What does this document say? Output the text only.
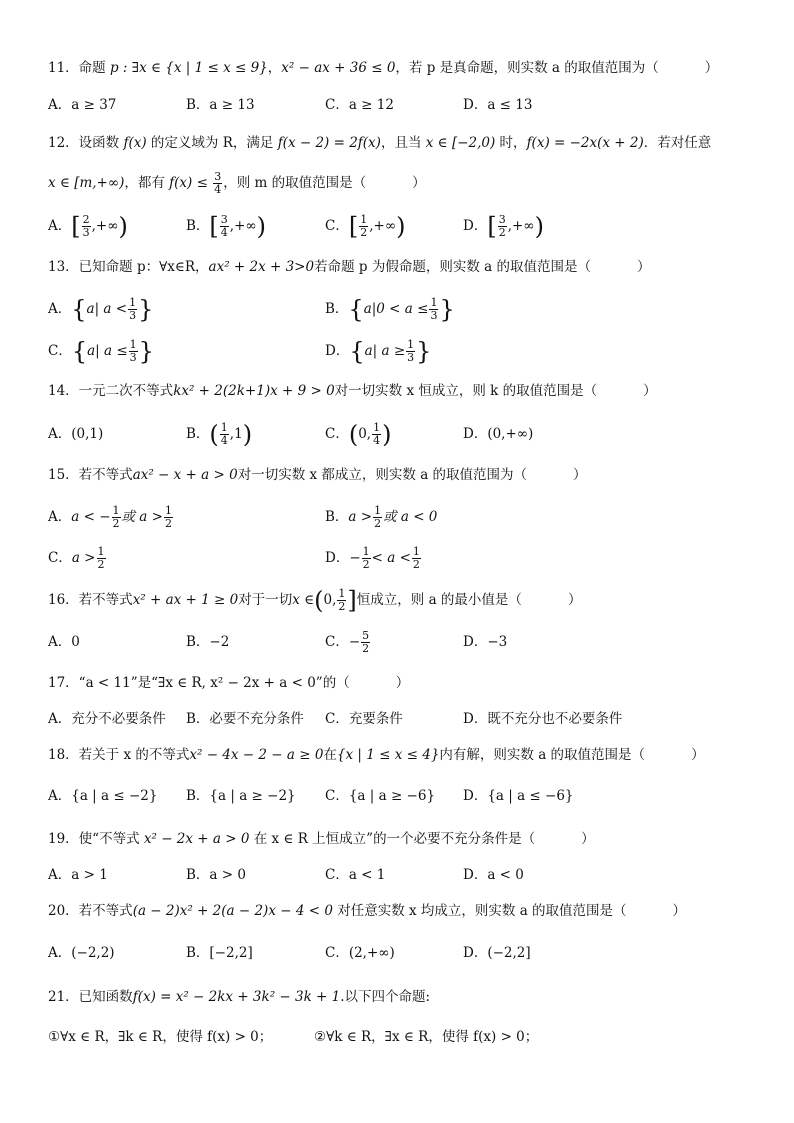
11．命题 p : ∃x ∈ {x | 1 ≤ x ≤ 9}，x² − ax + 36 ≤ 0，若 p 是真命题，则实数 a 的取值范围为（	）
A．a ≥ 37	B．a ≥ 13	C．a ≥ 12	D．a ≤ 13
12．设函数 f(x) 的定义域为 R，满足 f(x − 2) = 2f(x)，且当 x ∈ [−2,0) 时，f(x) = −2x(x + 2)．若对任意
x ∈ [m,+∞)，都有 $f(x) \le \frac{3}{4}$ ，则 m 的取值范围是（	）
A．[ $\frac{2}{3}$ ,+∞)	B．[ $\frac{3}{4}$ ,+∞)	C．[ $\frac{1}{2}$ ,+∞)	D．[ $\frac{3}{2}$ ,+∞)
13．已知命题 p：∀x∈R，ax² + 2x + 3>0若命题 p 为假命题，则实数 a 的取值范围是（	）
A．{a| $a < \frac{1}{3}$ }	B．{$a|0 < a \le \frac{1}{3}$ }
C．{a| $a \le \frac{1}{3}$ }	D．{a| $a \ge \frac{1}{3}$ }
14．一元二次不等式kx² + 2(2k+1)x + 9 > 0对一切实数 x 恒成立，则 k 的取值范围是（	）
A．(0,1)	B．( $\frac{1}{4} ,1$)	C．(0, $\frac{1}{4}$ )	D．(0,+∞)
15．若不等式ax² − x + a > 0对一切实数 x 都成立，则实数 a 的取值范围为（	）
A．a < − $\frac{1}{2}$ 或 $a > \frac{1}{2}$	B．$a > \frac{1}{2}$ 或 a < 0
C．$a > \frac{1}{2}$	D．− $\frac{1}{2} < a < \frac{1}{2}$
16．若不等式x² + ax + 1 ≥ 0对于一切x ∈(0, $\frac{1}{2}$ ]恒成立，则 a 的最小值是（	）
A．0	B．−2	C．− $\frac{5}{2}$	D．−3
17．“a < 11”是“∃x ∈ R, x² − 2x + a < 0”的（	）
A．充分不必要条件 B．必要不充分条件 C．充要条件	D．既不充分也不必要条件
18．若关于 x 的不等式x² − 4x − 2 − a ≥ 0在{x | 1 ≤ x ≤ 4}内有解，则实数 a 的取值范围是（	）
A．{a | a ≤ −2} B．{a | a ≥ −2} C．{a | a ≥ −6} D．{a | a ≤ −6}
19．使“不等式 x² − 2x + a > 0 在 x ∈ R 上恒成立”的一个必要不充分条件是（	）
A．a > 1	B．a > 0	C．a < 1	D．a < 0
20．若不等式(a − 2)x² + 2(a − 2)x − 4 < 0 对任意实数 x 均成立，则实数 a 的取值范围是（	）
A．(−2,2)	B．[−2,2]	C．(2,+∞)	D．(−2,2]
21．已知函数f(x) = x² − 2kx + 3k² − 3k + 1.以下四个命题:
①∀x ∈ R，∃k ∈ R，使得 f(x) > 0；	②∀k ∈ R，∃x ∈ R，使得 f(x) > 0；
